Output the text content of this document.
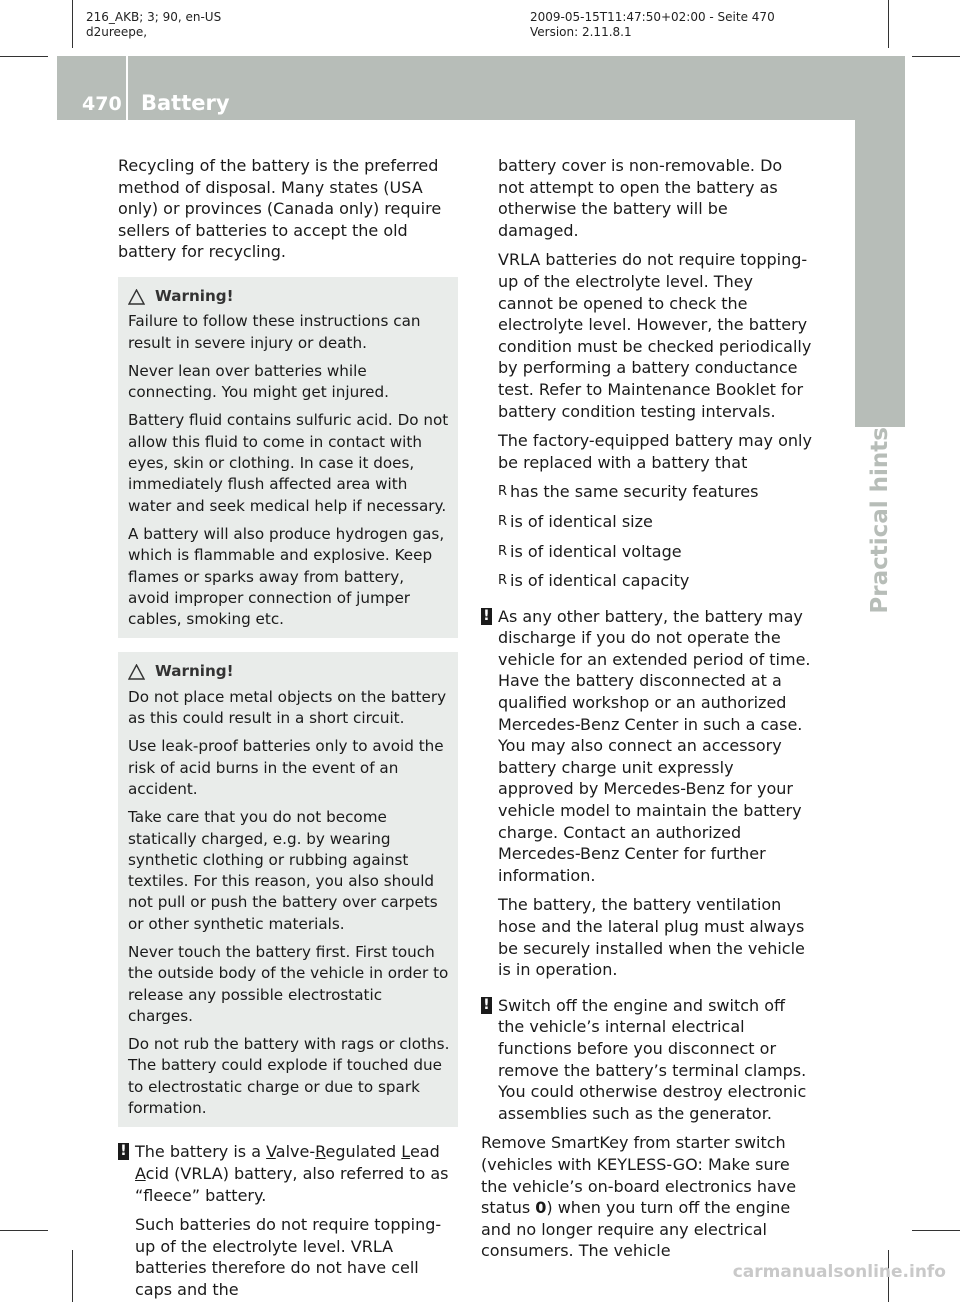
216_AKB; 3; 90, en-US
d2ureepe,
2009-05-15T11:47:50+02:00 - Seite 470
Version: 2.11.8.1
470 Battery
Practical hints

Recycling of the battery is the preferred method of disposal. Many states (USA only) or provinces (Canada only) require sellers of batteries to accept the old battery for recycling.

Warning!

Failure to follow these instructions can result in severe injury or death.

Never lean over batteries while connecting. You might get injured.

Battery fluid contains sulfuric acid. Do not allow this fluid to come in contact with eyes, skin or clothing. In case it does, immediately flush affected area with water and seek medical help if necessary.

A battery will also produce hydrogen gas, which is flammable and explosive. Keep flames or sparks away from battery, avoid improper connection of jumper cables, smoking etc.

Warning!

Do not place metal objects on the battery as this could result in a short circuit.

Use leak-proof batteries only to avoid the risk of acid burns in the event of an accident.

Take care that you do not become statically charged, e.g. by wearing synthetic clothing or rubbing against textiles. For this reason, you also should not pull or push the battery over carpets or other synthetic materials.

Never touch the battery first. First touch the outside body of the vehicle in order to release any possible electrostatic charges.

Do not rub the battery with rags or cloths. The battery could explode if touched due to electrostatic charge or due to spark formation.

! The battery is a Valve-Regulated Lead Acid (VRLA) battery, also referred to as “fleece” battery.

Such batteries do not require topping-up of the electrolyte level. VRLA batteries therefore do not have cell caps and the

battery cover is non-removable. Do not attempt to open the battery as otherwise the battery will be damaged.

VRLA batteries do not require topping-up of the electrolyte level. They cannot be opened to check the electrolyte level. However, the battery condition must be checked periodically by performing a battery conductance test. Refer to Maintenance Booklet for battery condition testing intervals.

The factory-equipped battery may only be replaced with a battery that

R has the same security features
R is of identical size
R is of identical voltage
R is of identical capacity
! As any other battery, the battery may discharge if you do not operate the vehicle for an extended period of time. Have the battery disconnected at a qualified workshop or an authorized Mercedes-Benz Center in such a case. You may also connect an accessory battery charge unit expressly approved by Mercedes-Benz for your vehicle model to maintain the battery charge. Contact an authorized Mercedes-Benz Center for further information.

The battery, the battery ventilation hose and the lateral plug must always be securely installed when the vehicle is in operation.

! Switch off the engine and switch off the vehicle’s internal electrical functions before you disconnect or remove the battery’s terminal clamps. You could otherwise destroy electronic assemblies such as the generator.

Remove SmartKey from starter switch (vehicles with KEYLESS-GO: Make sure the vehicle’s on-board electronics have status 0) when you turn off the engine and no longer require any electrical consumers. The vehicle

carmanualsonline.info
